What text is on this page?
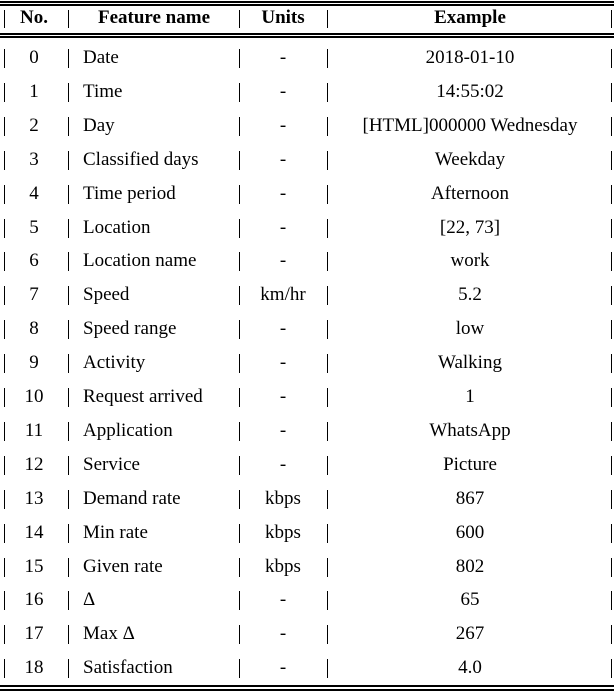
No.	Feature name	Units	Example
0	Date	-	2018-01-10
1	Time	-	14:55:02
2	Day	-	[HTML]000000 Wednesday
3	Classified days	-	Weekday
4	Time period	-	Afternoon
5	Location	-	[22, 73]
6	Location name	-	work
7	Speed	km/hr	5.2
8	Speed range	-	low
9	Activity	-	Walking
10	Request arrived	-	1
11	Application	-	WhatsApp
12	Service	-	Picture
13	Demand rate	kbps	867
14	Min rate	kbps	600
15	Given rate	kbps	802
16	Δ	-	65
17	Max Δ	-	267
18	Satisfaction	-	4.0
